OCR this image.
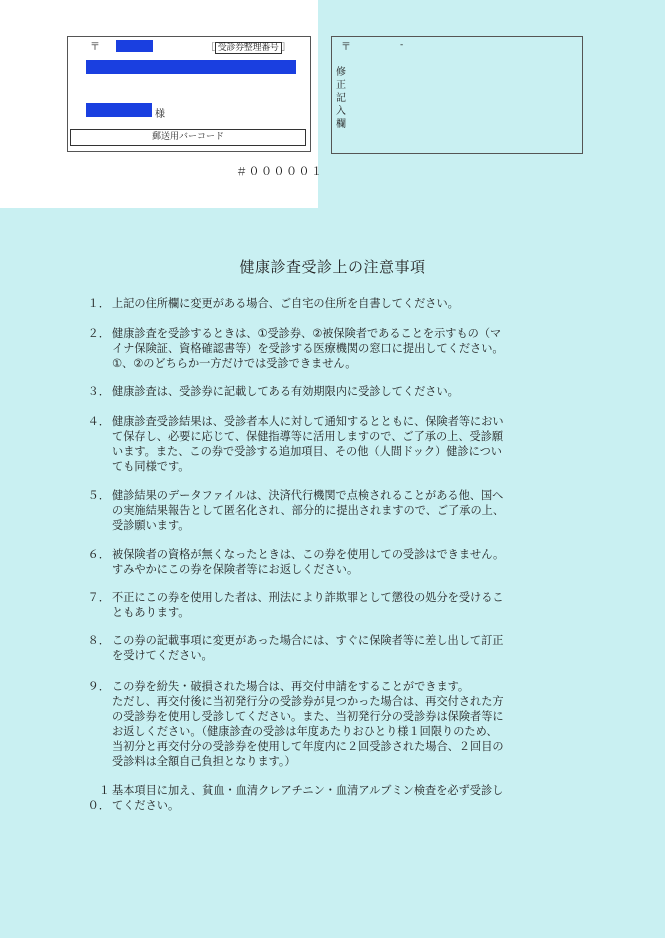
〒	［ 受診券整理番号 ］
様
郵送用バーコード
＃０００００１
〒	-
修正記入欄
健康診査受診上の注意事項
１． 上記の住所欄に変更がある場合、ご自宅の住所を自書してください。
２． 健康診査を受診するときは、①受診券、②被保険者であることを示すもの（マ
イナ保険証、資格確認書等）を受診する医療機関の窓口に提出してください。
①、②のどちらか一方だけでは受診できません。
３． 健康診査は、受診券に記載してある有効期限内に受診してください。
４． 健康診査受診結果は、受診者本人に対して通知するとともに、保険者等におい
て保存し、必要に応じて、保健指導等に活用しますので、ご了承の上、受診願
います。また、この券で受診する追加項目、その他（人間ドック）健診につい
ても同様です。
５． 健診結果のデータファイルは、決済代行機関で点検されることがある他、国へ
の実施結果報告として匿名化され、部分的に提出されますので、ご了承の上、
受診願います。
６． 被保険者の資格が無くなったときは、この券を使用しての受診はできません。
すみやかにこの券を保険者等にお返しください。
７． 不正にこの券を使用した者は、刑法により詐欺罪として懲役の処分を受けるこ
ともあります。
８． この券の記載事項に変更があった場合には、すぐに保険者等に差し出して訂正
を受けてください。
９． この券を紛失・破損された場合は、再交付申請をすることができます。
ただし、再交付後に当初発行分の受診券が見つかった場合は、再交付された方
の受診券を使用し受診してください。また、当初発行分の受診券は保険者等に
お返しください。（健康診査の受診は年度あたりおひとり様１回限りのため、
当初分と再交付分の受診券を使用して年度内に２回受診された場合、２回目の
受診料は全額自己負担となります。）
１０．
基本項目に加え、貧血・血清クレアチニン・血清アルブミン検査を必ず受診し
てください。
